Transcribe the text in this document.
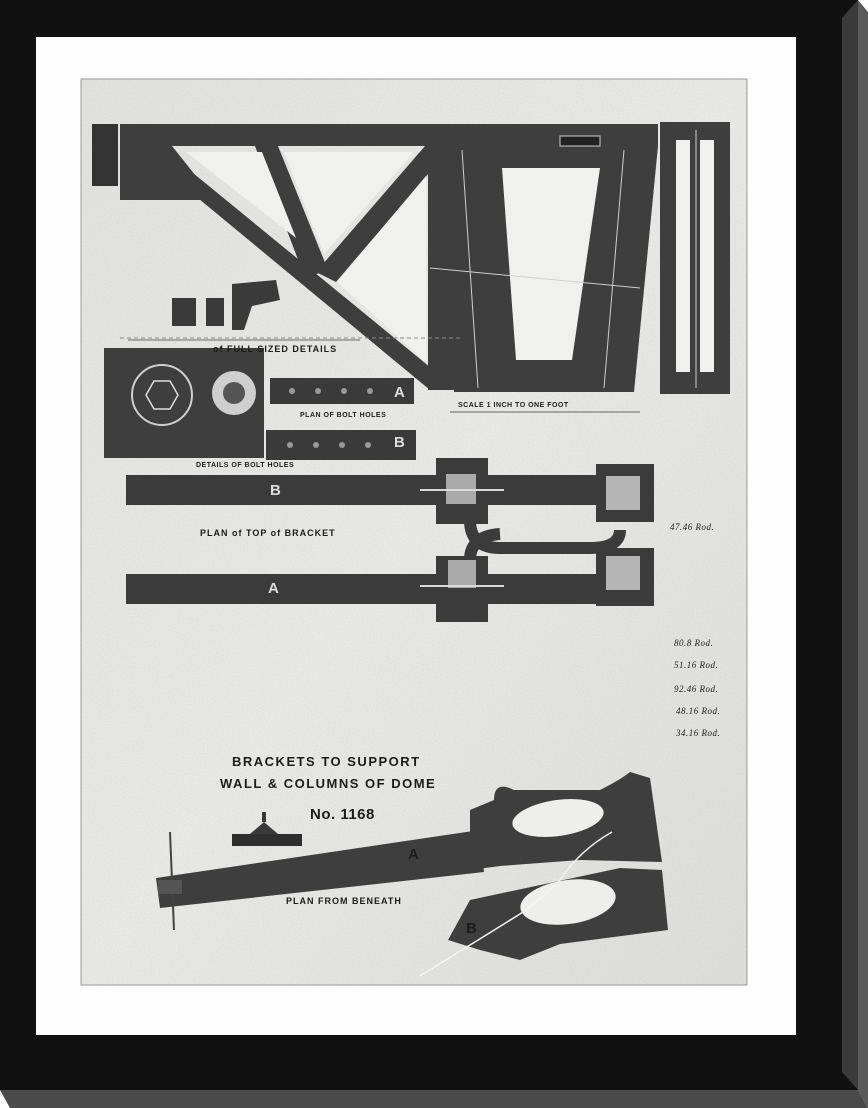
of FULL SIZED DETAILS
PLAN OF BOLT HOLES
DETAILS OF BOLT HOLES
A
B
B
PLAN of TOP of BRACKET
A
SCALE 1 INCH TO ONE FOOT
BRACKETS TO SUPPORT
WALL & COLUMNS OF DOME
No. 1168
A
PLAN FROM BENEATH
B
47.46 Rod.
80.8 Rod.
51.16 Rod.
92.46 Rod.
48.16 Rod.
34.16 Rod.
